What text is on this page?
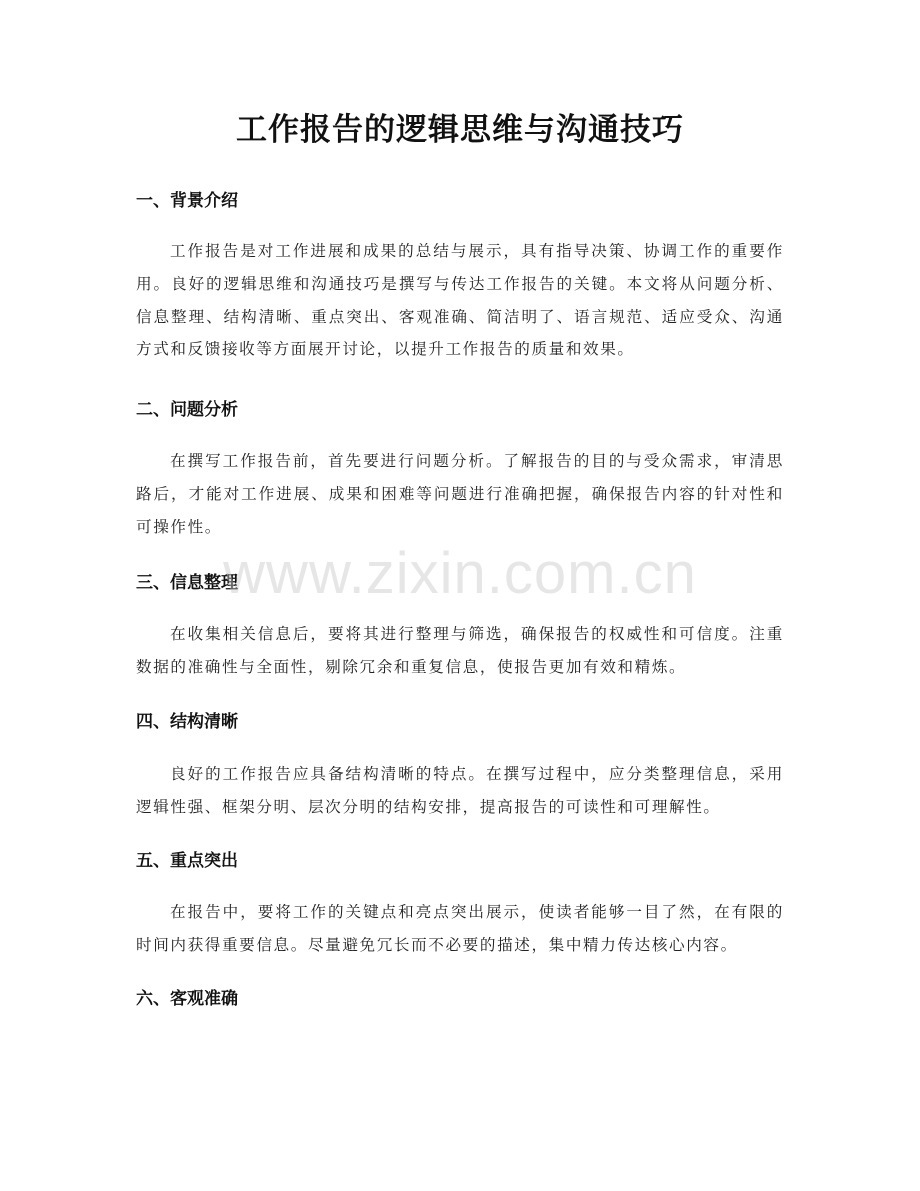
工作报告的逻辑思维与沟通技巧
一、背景介绍

工作报告是对工作进展和成果的总结与展示，具有指导决策、协调工作的重要作用。良好的逻辑思维和沟通技巧是撰写与传达工作报告的关键。本文将从问题分析、信息整理、结构清晰、重点突出、客观准确、简洁明了、语言规范、适应受众、沟通方式和反馈接收等方面展开讨论，以提升工作报告的质量和效果。

二、问题分析

在撰写工作报告前，首先要进行问题分析。了解报告的目的与受众需求，审清思路后，才能对工作进展、成果和困难等问题进行准确把握，确保报告内容的针对性和可操作性。

三、信息整理

在收集相关信息后，要将其进行整理与筛选，确保报告的权威性和可信度。注重数据的准确性与全面性，剔除冗余和重复信息，使报告更加有效和精炼。

四、结构清晰

良好的工作报告应具备结构清晰的特点。在撰写过程中，应分类整理信息，采用逻辑性强、框架分明、层次分明的结构安排，提高报告的可读性和可理解性。

五、重点突出

在报告中，要将工作的关键点和亮点突出展示，使读者能够一目了然，在有限的时间内获得重要信息。尽量避免冗长而不必要的描述，集中精力传达核心内容。

六、客观准确
www.zixin.com.cn
